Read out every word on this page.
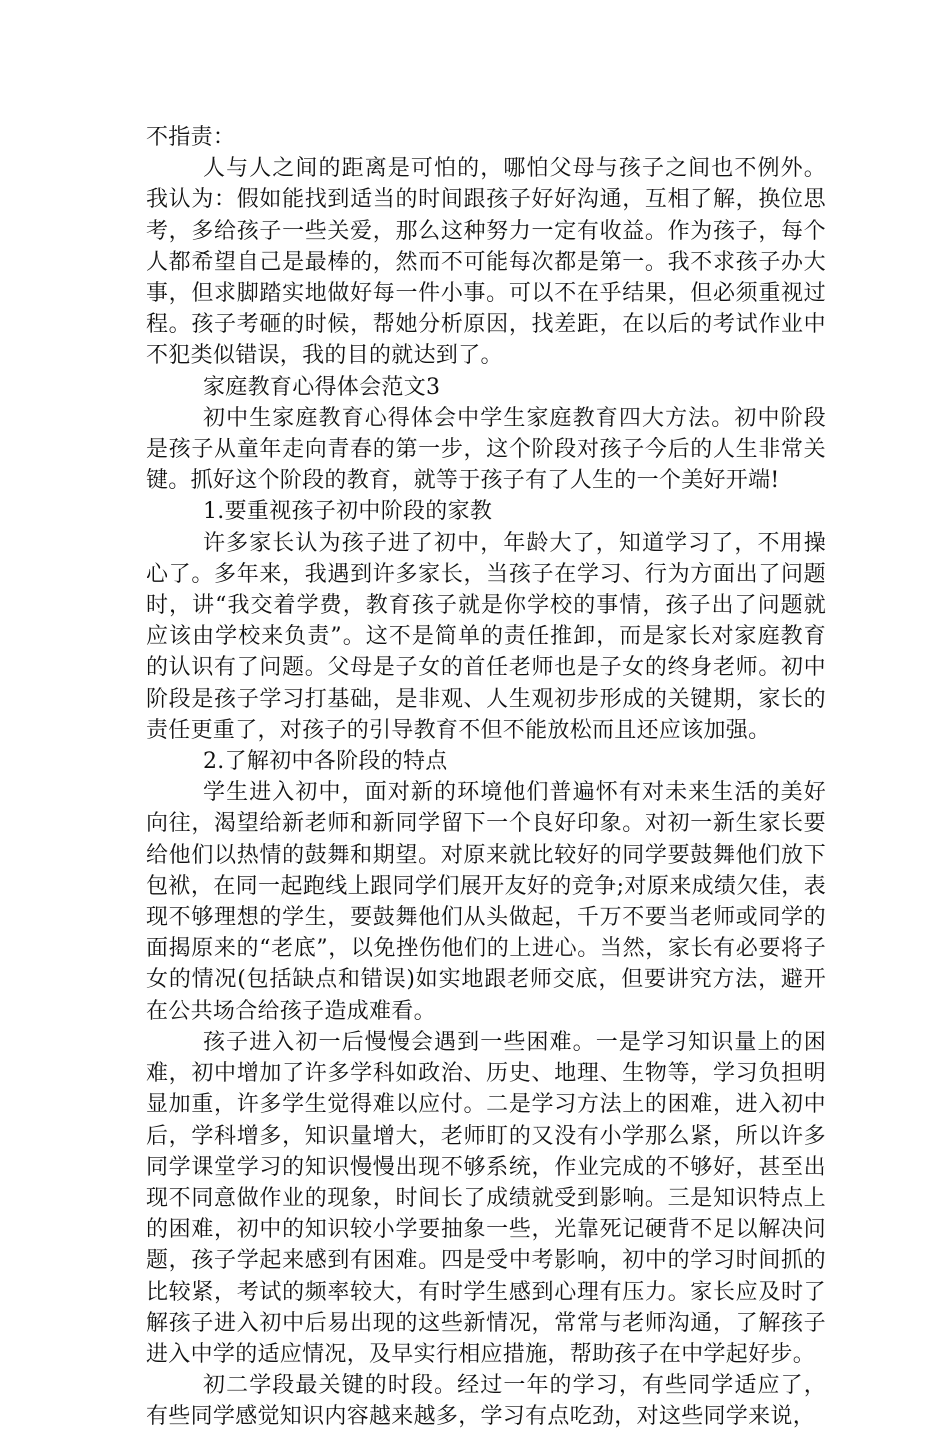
不指责：

人与人之间的距离是可怕的，哪怕父母与孩子之间也不例外。我认为：假如能找到适当的时间跟孩子好好沟通，互相了解，换位思考，多给孩子一些关爱，那么这种努力一定有收益。作为孩子，每个人都希望自己是最棒的，然而不可能每次都是第一。我不求孩子办大事，但求脚踏实地做好每一件小事。可以不在乎结果，但必须重视过程。孩子考砸的时候，帮她分析原因，找差距，在以后的考试作业中不犯类似错误，我的目的就达到了。

家庭教育心得体会范文3

初中生家庭教育心得体会中学生家庭教育四大方法。初中阶段是孩子从童年走向青春的第一步，这个阶段对孩子今后的人生非常关键。抓好这个阶段的教育，就等于孩子有了人生的一个美好开端!

1.要重视孩子初中阶段的家教

许多家长认为孩子进了初中，年龄大了，知道学习了，不用操心了。多年来，我遇到许多家长，当孩子在学习、行为方面出了问题时，讲“我交着学费，教育孩子就是你学校的事情，孩子出了问题就应该由学校来负责”。这不是简单的责任推卸，而是家长对家庭教育的认识有了问题。父母是子女的首任老师也是子女的终身老师。初中阶段是孩子学习打基础，是非观、人生观初步形成的关键期，家长的责任更重了，对孩子的引导教育不但不能放松而且还应该加强。

2.了解初中各阶段的特点

学生进入初中，面对新的环境他们普遍怀有对未来生活的美好向往，渴望给新老师和新同学留下一个良好印象。对初一新生家长要给他们以热情的鼓舞和期望。对原来就比较好的同学要鼓舞他们放下包袱，在同一起跑线上跟同学们展开友好的竞争;对原来成绩欠佳，表现不够理想的学生，要鼓舞他们从头做起，千万不要当老师或同学的面揭原来的“老底”，以免挫伤他们的上进心。当然，家长有必要将子女的情况(包括缺点和错误)如实地跟老师交底，但要讲究方法，避开在公共场合给孩子造成难看。

孩子进入初一后慢慢会遇到一些困难。一是学习知识量上的困难，初中增加了许多学科如政治、历史、地理、生物等，学习负担明显加重，许多学生觉得难以应付。二是学习方法上的困难，进入初中后，学科增多，知识量增大，老师盯的又没有小学那么紧，所以许多同学课堂学习的知识慢慢出现不够系统，作业完成的不够好，甚至出现不同意做作业的现象，时间长了成绩就受到影响。三是知识特点上的困难，初中的知识较小学要抽象一些，光靠死记硬背不足以解决问题，孩子学起来感到有困难。四是受中考影响，初中的学习时间抓的比较紧，考试的频率较大，有时学生感到心理有压力。家长应及时了解孩子进入初中后易出现的这些新情况，常常与老师沟通，了解孩子进入中学的适应情况，及早实行相应措施，帮助孩子在中学起好步。

初二学段最关键的时段。经过一年的学习，有些同学适应了，有些同学感觉知识内容越来越多，学习有点吃劲，对这些同学来说，
